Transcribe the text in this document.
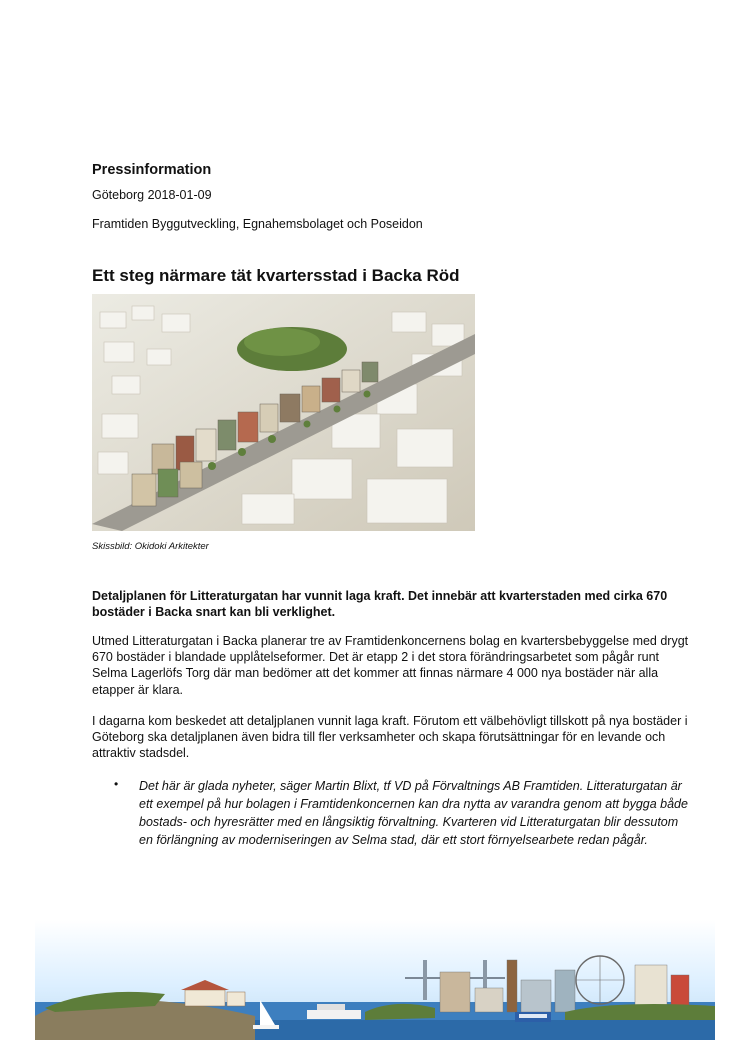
Pressinformation
Göteborg 2018-01-09
Framtiden Byggutveckling, Egnahemsbolaget och Poseidon
Ett steg närmare tät kvartersstad i Backa Röd
Skissbild: Okidoki Arkitekter
Detaljplanen för Litteraturgatan har vunnit laga kraft. Det innebär att kvarterstaden med cirka 670 bostäder i Backa snart kan bli verklighet.
Utmed Litteraturgatan i Backa planerar tre av Framtidenkoncernens bolag en kvartersbebyggelse med drygt 670 bostäder i blandade upplåtelseformer. Det är etapp 2 i det stora förändringsarbetet som pågår runt Selma Lagerlöfs Torg där man bedömer att det kommer att finnas närmare 4 000 nya bostäder när alla etapper är klara.
I dagarna kom beskedet att detaljplanen vunnit laga kraft. Förutom ett välbehövligt tillskott på nya bostäder i Göteborg ska detaljplanen även bidra till fler verksamheter och skapa förutsättningar för en levande och attraktiv stadsdel.
• Det här är glada nyheter, säger Martin Blixt, tf VD på Förvaltnings AB Framtiden. Litteraturgatan är ett exempel på hur bolagen i Framtidenkoncernen kan dra nytta av varandra genom att bygga både bostads- och hyresrätter med en långsiktig förvaltning. Kvarteren vid Litteraturgatan blir dessutom en förlängning av moderniseringen av Selma stad, där ett stort förnyelsearbete redan pågår.
